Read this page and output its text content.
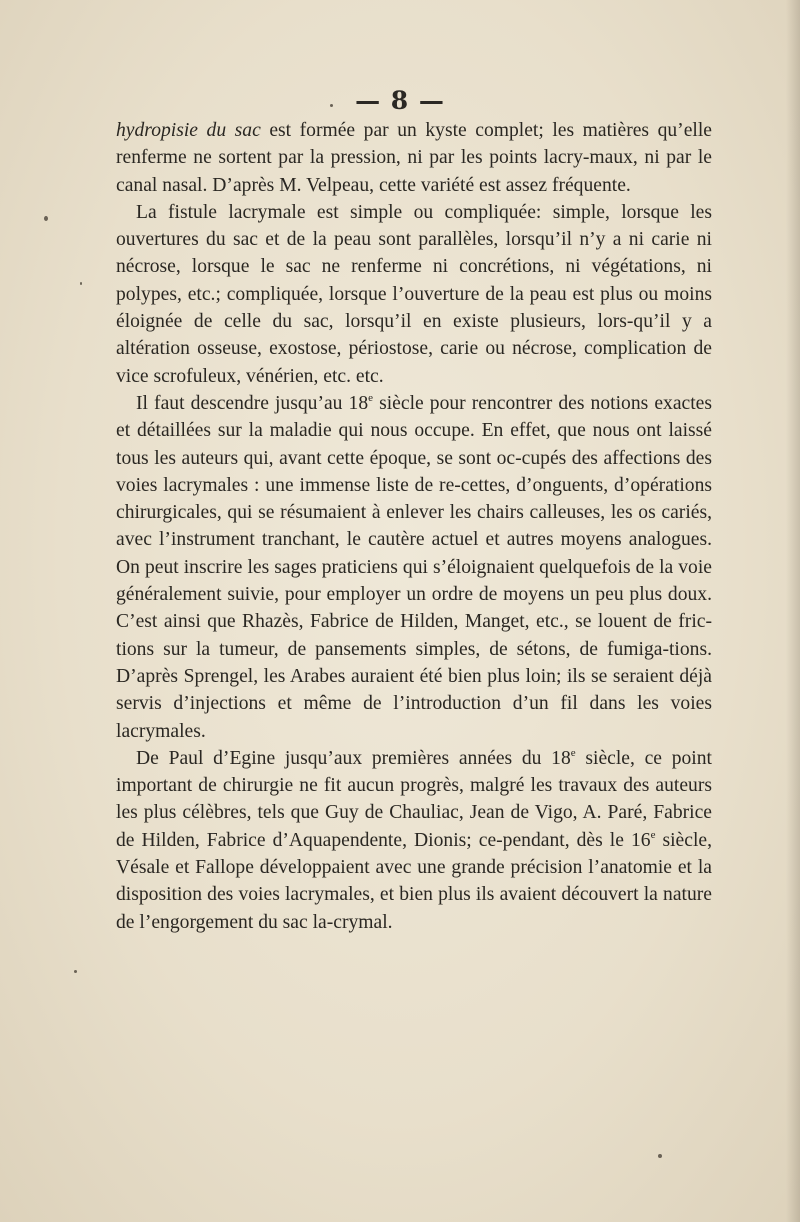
— 8 —

hydropisie du sac est formée par un kyste complet; les matières qu’elle renferme ne sortent par la pression, ni par les points lacry-maux, ni par le canal nasal. D’après M. Velpeau, cette variété est assez fréquente.

La fistule lacrymale est simple ou compliquée: simple, lorsque les ouvertures du sac et de la peau sont parallèles, lorsqu’il n’y a ni carie ni nécrose, lorsque le sac ne renferme ni concrétions, ni végétations, ni polypes, etc.; compliquée, lorsque l’ouverture de la peau est plus ou moins éloignée de celle du sac, lorsqu’il en existe plusieurs, lors-qu’il y a altération osseuse, exostose, périostose, carie ou nécrose, complication de vice scrofuleux, vénérien, etc. etc.

Il faut descendre jusqu’au 18e siècle pour rencontrer des notions exactes et détaillées sur la maladie qui nous occupe. En effet, que nous ont laissé tous les auteurs qui, avant cette époque, se sont oc-cupés des affections des voies lacrymales : une immense liste de re-cettes, d’onguents, d’opérations chirurgicales, qui se résumaient à enlever les chairs calleuses, les os cariés, avec l’instrument tranchant, le cautère actuel et autres moyens analogues. On peut inscrire les sages praticiens qui s’éloignaient quelquefois de la voie généralement suivie, pour employer un ordre de moyens un peu plus doux. C’est ainsi que Rhazès, Fabrice de Hilden, Manget, etc., se louent de fric-tions sur la tumeur, de pansements simples, de sétons, de fumiga-tions. D’après Sprengel, les Arabes auraient été bien plus loin; ils se seraient déjà servis d’injections et même de l’introduction d’un fil dans les voies lacrymales.

De Paul d’Egine jusqu’aux premières années du 18e siècle, ce point important de chirurgie ne fit aucun progrès, malgré les travaux des auteurs les plus célèbres, tels que Guy de Chauliac, Jean de Vigo, A. Paré, Fabrice de Hilden, Fabrice d’Aquapendente, Dionis; ce-pendant, dès le 16e siècle, Vésale et Fallope développaient avec une grande précision l’anatomie et la disposition des voies lacrymales, et bien plus ils avaient découvert la nature de l’engorgement du sac la-crymal.
